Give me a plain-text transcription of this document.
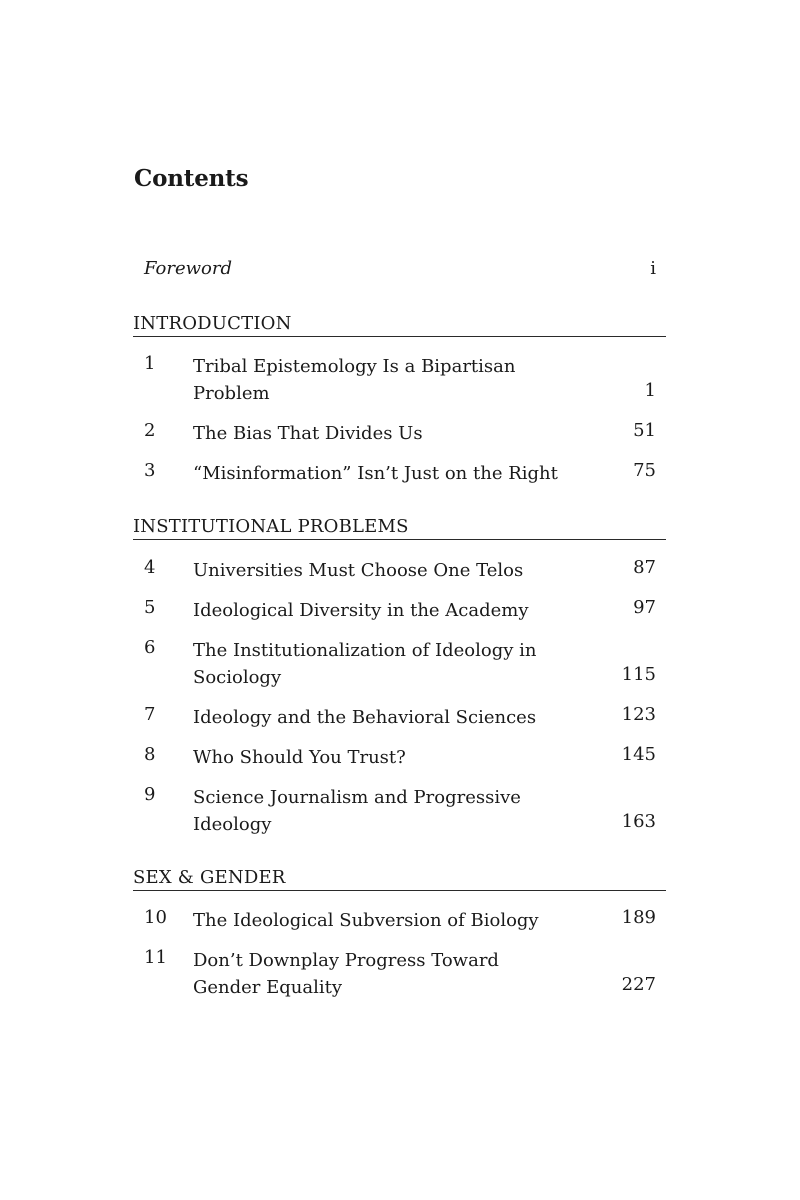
Contents
Foreword	i
INTRODUCTION
1 Tribal Epistemology Is a Bipartisan
Problem	1
2 The Bias That Divides Us	51
3 “Misinformation” Isn’t Just on the Right	75
INSTITUTIONAL PROBLEMS
4 Universities Must Choose One Telos	87
5 Ideological Diversity in the Academy	97
6 The Institutionalization of Ideology in
Sociology	115
7 Ideology and the Behavioral Sciences	123
8 Who Should You Trust?	145
9 Science Journalism and Progressive
Ideology	163
SEX & GENDER
10 The Ideological Subversion of Biology	189
11 Don’t Downplay Progress Toward
Gender Equality	227
